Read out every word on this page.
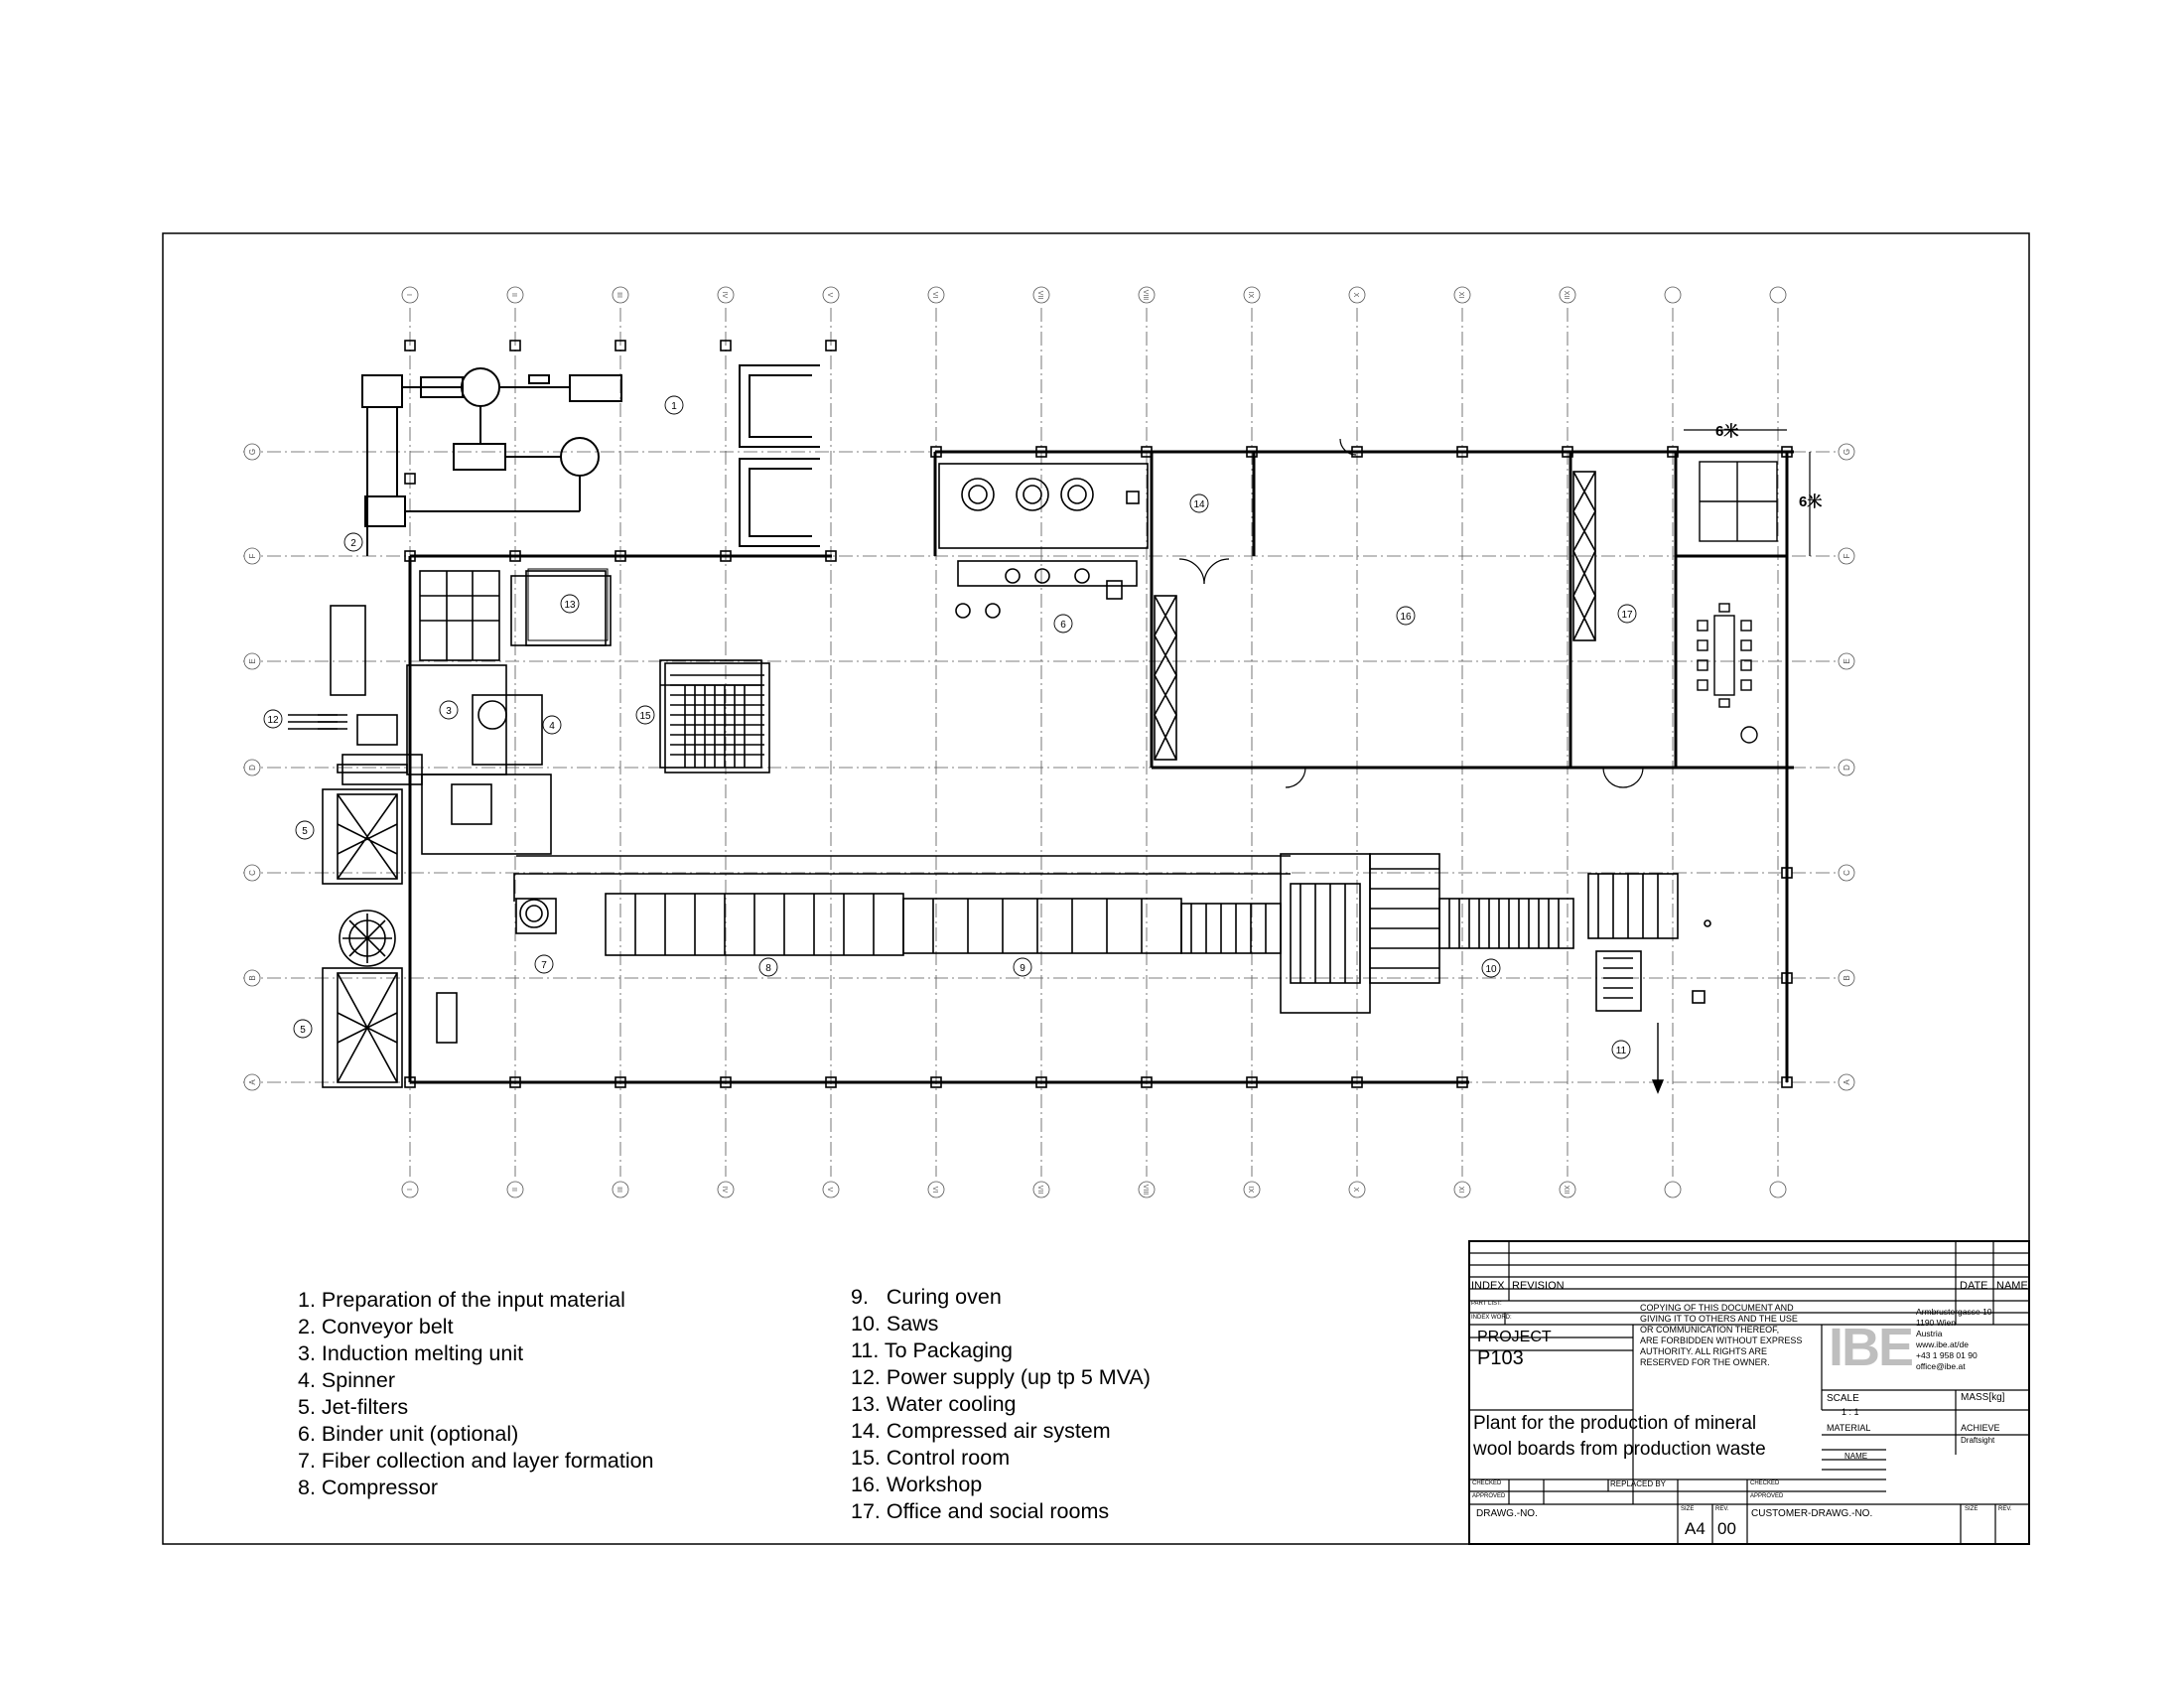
I
I
II
II
III
III
IV
IV
V
V
VI
VI
VII
VII
VIII
VIII
IX
IX
X
X
XI
XI
XII
XII
G	G
F	F
E	E
D	D
C	C
B	B
A	A
6米
6米
1
2
3
4
5
5
6
7	8	9	10
11
12
13
14
15
16	17
1. Preparation of the input material
2. Conveyor belt
3. Induction melting unit
4. Spinner
5. Jet-filters
6. Binder unit (optional)
7. Fiber collection and layer formation
8. Compressor
9.   Curing oven
10. Saws
11. To Packaging
12. Power supply (up tp 5 MVA)
13. Water cooling
14. Compressed air system
15. Control room
16. Workshop
17. Office and social rooms
INDEX REVISION	DATE NAME
PART LIST:
INDEX WORD:
PROJECT
P103
COPYING OF THIS DOCUMENT AND
GIVING IT TO OTHERS AND THE USE
OR COMMUNICATION THEREOF,
ARE FORBIDDEN WITHOUT EXPRESS
AUTHORITY. ALL RIGHTS ARE
RESERVED FOR THE OWNER.	IBE
Armbrustergasse 10
1190 Wien
Austria
www.ibe.at/de
+43 1 958 01 90
office@ibe.at
Plant for the production of mineral
wool boards from production waste
SCALE
1 : 1
MASS[kg]
MATERIAL	ACHIEVE
Draftsight
NAME
CHECKED
APPROVED
REPLACED BY	CHECKED
APPROVED
DRAWG.-NO.	SIZE
A4
REV.
00
CUSTOMER-DRAWG.-NO.	SIZE	REV.
